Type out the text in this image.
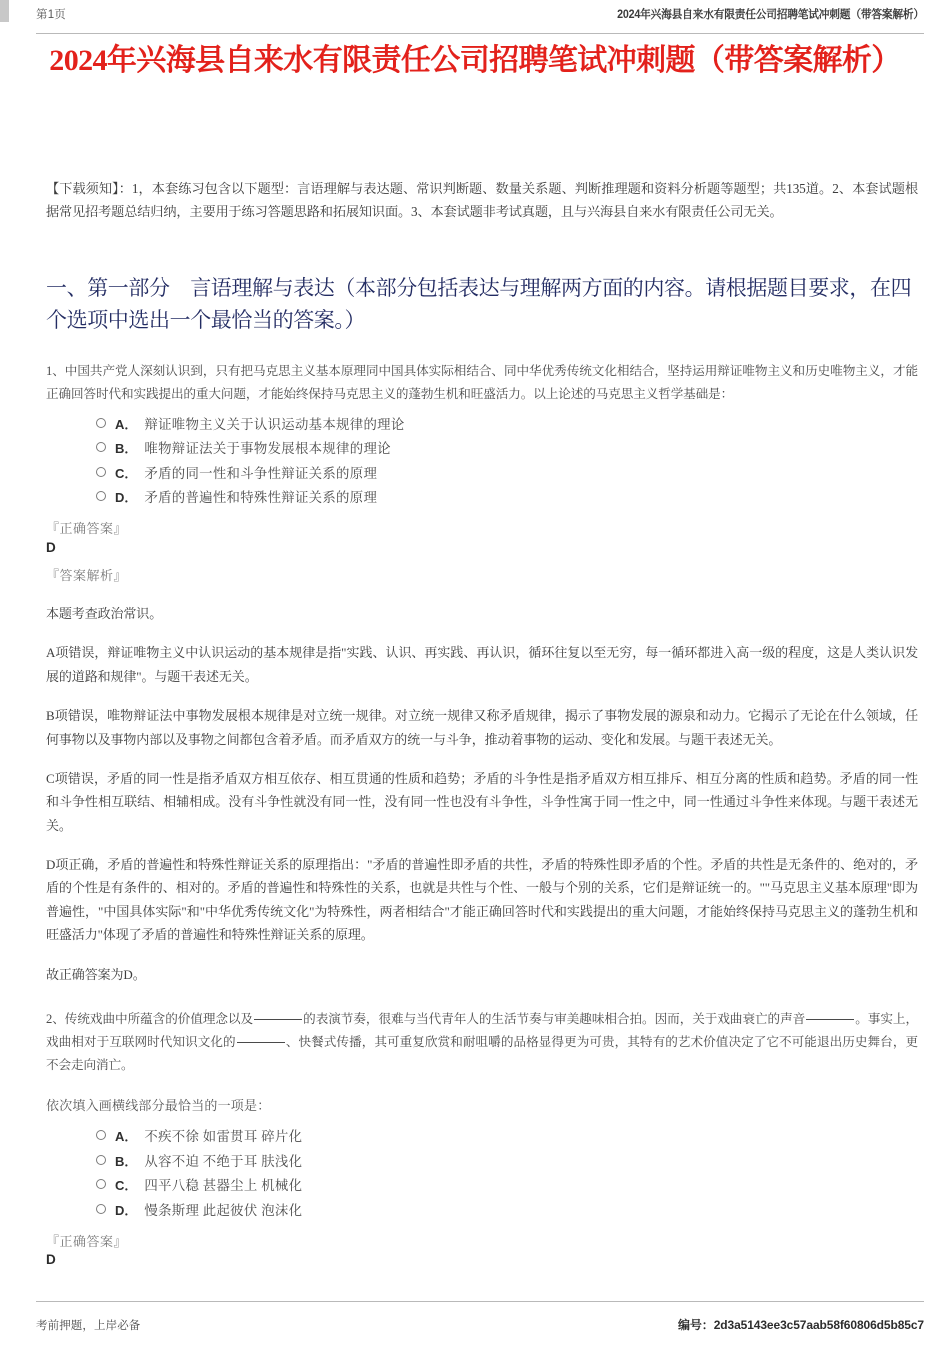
第1页	2024年兴海县自来水有限责任公司招聘笔试冲刺题（带答案解析）
2024年兴海县自来水有限责任公司招聘笔试冲刺题（带答案解析）
【下载须知】：1，本套练习包含以下题型：言语理解与表达题、常识判断题、数量关系题、判断推理题和资料分析题等题型；共135道。2、本套试题根据常见招考题总结归纳，主要用于练习答题思路和拓展知识面。3、本套试题非考试真题，且与兴海县自来水有限责任公司无关。
一、第一部分　言语理解与表达（本部分包括表达与理解两方面的内容。请根据题目要求，在四个选项中选出一个最恰当的答案。）
1、中国共产党人深刻认识到，只有把马克思主义基本原理同中国具体实际相结合、同中华优秀传统文化相结合，坚持运用辩证唯物主义和历史唯物主义，才能正确回答时代和实践提出的重大问题，才能始终保持马克思主义的蓬勃生机和旺盛活力。以上论述的马克思主义哲学基础是：
A． 辩证唯物主义关于认识运动基本规律的理论
B． 唯物辩证法关于事物发展根本规律的理论
C． 矛盾的同一性和斗争性辩证关系的原理
D． 矛盾的普遍性和特殊性辩证关系的原理
『正确答案』
D
『答案解析』
本题考查政治常识。
A项错误，辩证唯物主义中认识运动的基本规律是指"实践、认识、再实践、再认识，循环往复以至无穷，每一循环都进入高一级的程度，这是人类认识发展的道路和规律"。与题干表述无关。
B项错误，唯物辩证法中事物发展根本规律是对立统一规律。对立统一规律又称矛盾规律，揭示了事物发展的源泉和动力。它揭示了无论在什么领域，任何事物以及事物内部以及事物之间都包含着矛盾。而矛盾双方的统一与斗争，推动着事物的运动、变化和发展。与题干表述无关。
C项错误，矛盾的同一性是指矛盾双方相互依存、相互贯通的性质和趋势；矛盾的斗争性是指矛盾双方相互排斥、相互分离的性质和趋势。矛盾的同一性和斗争性相互联结、相辅相成。没有斗争性就没有同一性，没有同一性也没有斗争性，斗争性寓于同一性之中，同一性通过斗争性来体现。与题干表述无关。
D项正确，矛盾的普遍性和特殊性辩证关系的原理指出："矛盾的普遍性即矛盾的共性，矛盾的特殊性即矛盾的个性。矛盾的共性是无条件的、绝对的，矛盾的个性是有条件的、相对的。矛盾的普遍性和特殊性的关系，也就是共性与个性、一般与个别的关系，它们是辩证统一的。""马克思主义基本原理"即为普遍性，"中国具体实际"和"中华优秀传统文化"为特殊性，两者相结合"才能正确回答时代和实践提出的重大问题，才能始终保持马克思主义的蓬勃生机和旺盛活力"体现了矛盾的普遍性和特殊性辩证关系的原理。
故正确答案为D。
2、传统戏曲中所蕴含的价值理念以及	的表演节奏，很难与当代青年人的生活节奏与审美趣味相合拍。因而，关于戏曲衰亡的声音	。事实上，戏曲相对于互联网时代知识文化的	、快餐式传播，其可重复欣赏和耐咀嚼的品格显得更为可贵，其特有的艺术价值决定了它不可能退出历史舞台，更不会走向消亡。
依次填入画横线部分最恰当的一项是：
A． 不疾不徐 如雷贯耳 碎片化
B． 从容不迫 不绝于耳 肤浅化
C． 四平八稳 甚器尘上 机械化
D． 慢条斯理 此起彼伏 泡沫化
『正确答案』
D
考前押题，上岸必备	编号：2d3a5143ee3c57aab58f60806d5b85c7
